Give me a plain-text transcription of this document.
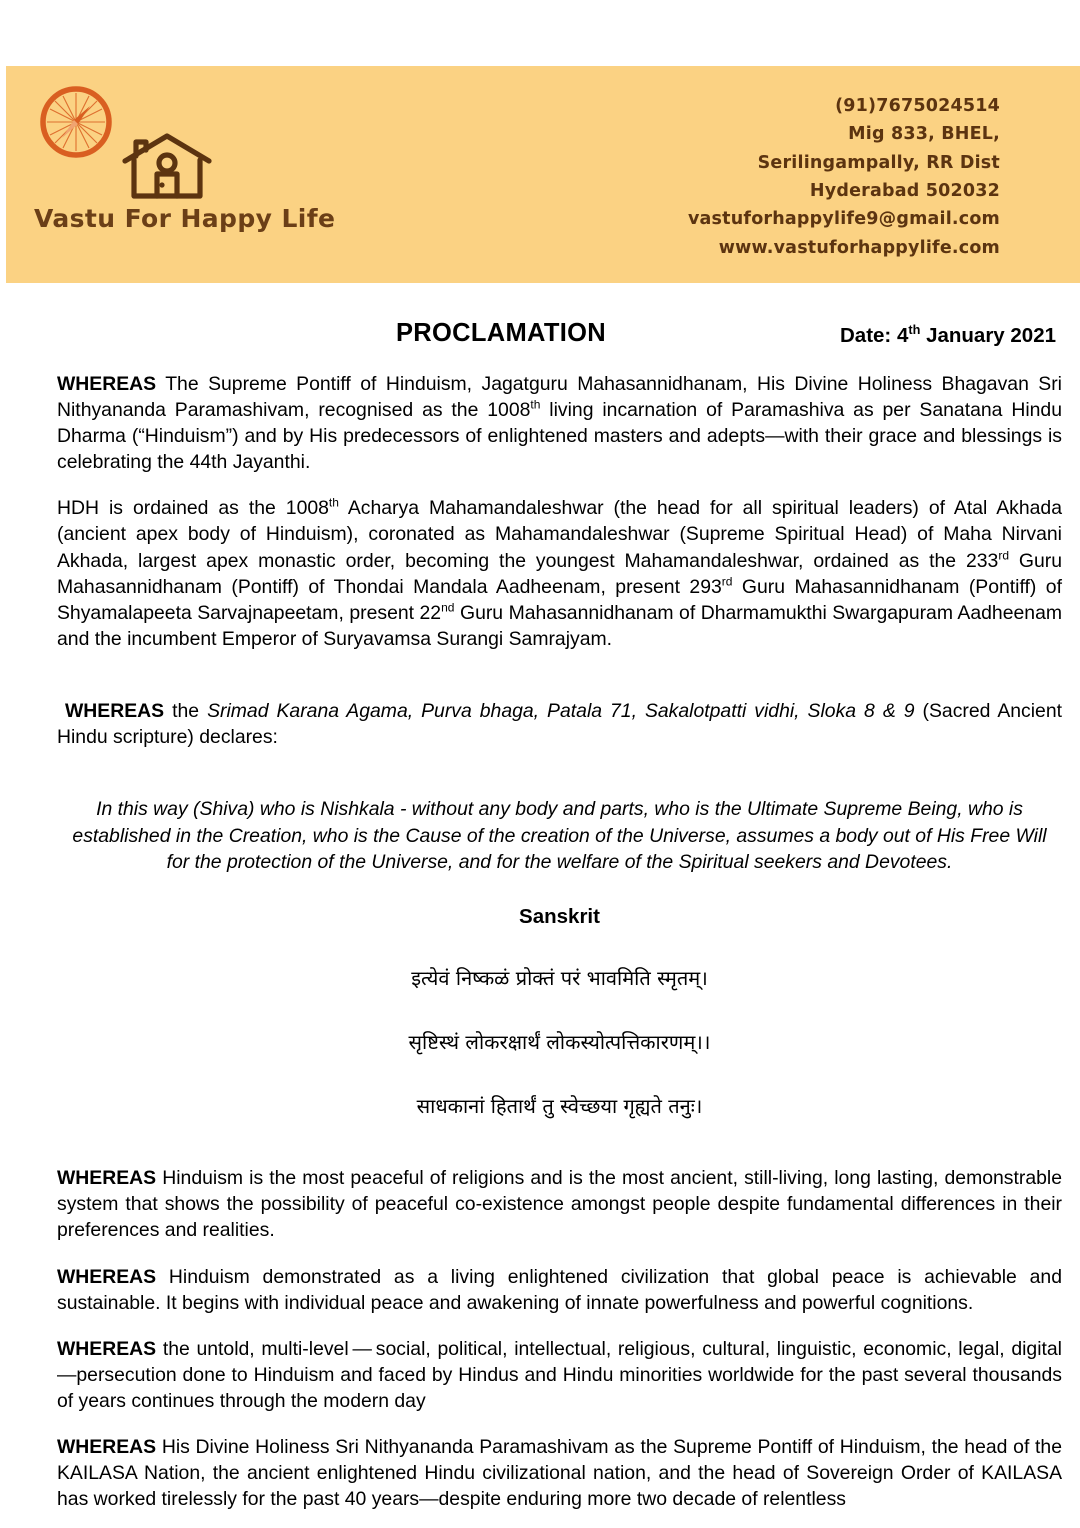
Vastu For Happy Life
(91)7675024514
Mig 833, BHEL,
Serilingampally, RR Dist
Hyderabad 502032
vastuforhappylife9@gmail.com
www.vastuforhappylife.com
PROCLAMATION	Date: 4th January 2021

WHEREAS The Supreme Pontiff of Hinduism, Jagatguru Mahasannidhanam, His Divine Holiness Bhagavan Sri Nithyananda Paramashivam, recognised as the 1008th living incarnation of Paramashiva as per Sanatana Hindu Dharma (“Hinduism”) and by His predecessors of enlightened masters and adepts—with their grace and blessings is celebrating the 44th Jayanthi.

HDH is ordained as the 1008th Acharya Mahamandaleshwar (the head for all spiritual leaders) of Atal Akhada (ancient apex body of Hinduism), coronated as Mahamandaleshwar (Supreme Spiritual Head) of Maha Nirvani Akhada, largest apex monastic order, becoming the youngest Mahamandaleshwar, ordained as the 233rd Guru Mahasannidhanam (Pontiff) of Thondai Mandala Aadheenam, present 293rd Guru Mahasannidhanam (Pontiff) of Shyamalapeeta Sarvajnapeetam, present 22nd Guru Mahasannidhanam of Dharmamukthi Swargapuram Aadheenam and the incumbent Emperor of Suryavamsa Surangi Samrajyam.

WHEREAS the Srimad Karana Agama, Purva bhaga, Patala 71, Sakalotpatti vidhi, Sloka 8 & 9 (Sacred Ancient Hindu scripture) declares:

In this way (Shiva) who is Nishkala - without any body and parts, who is the Ultimate Supreme Being, who is established in the Creation, who is the Cause of the creation of the Universe, assumes a body out of His Free Will for the protection of the Universe, and for the welfare of the Spiritual seekers and Devotees.

Sanskrit

इत्येवं निष्कळं प्रोक्तं परं भावमिति स्मृतम्।

सृष्टिस्थं लोकरक्षार्थं लोकस्योत्पत्तिकारणम्।।

साधकानां हितार्थं तु स्वेच्छया गृह्यते तनुः।

WHEREAS Hinduism is the most peaceful of religions and is the most ancient, still-living, long lasting, demonstrable system that shows the possibility of peaceful co-existence amongst people despite fundamental differences in their preferences and realities.

WHEREAS Hinduism demonstrated as a living enlightened civilization that global peace is achievable and sustainable. It begins with individual peace and awakening of innate powerfulness and powerful cognitions.

WHEREAS the untold, multi-level — social, political, intellectual, religious, cultural, linguistic, economic, legal, digital—persecution done to Hinduism and faced by Hindus and Hindu minorities worldwide for the past several thousands of years continues through the modern day

WHEREAS His Divine Holiness Sri Nithyananda Paramashivam as the Supreme Pontiff of Hinduism, the head of the KAILASA Nation, the ancient enlightened Hindu civilizational nation, and the head of Sovereign Order of KAILASA has worked tirelessly for the past 40 years—despite enduring more two decade of relentless
